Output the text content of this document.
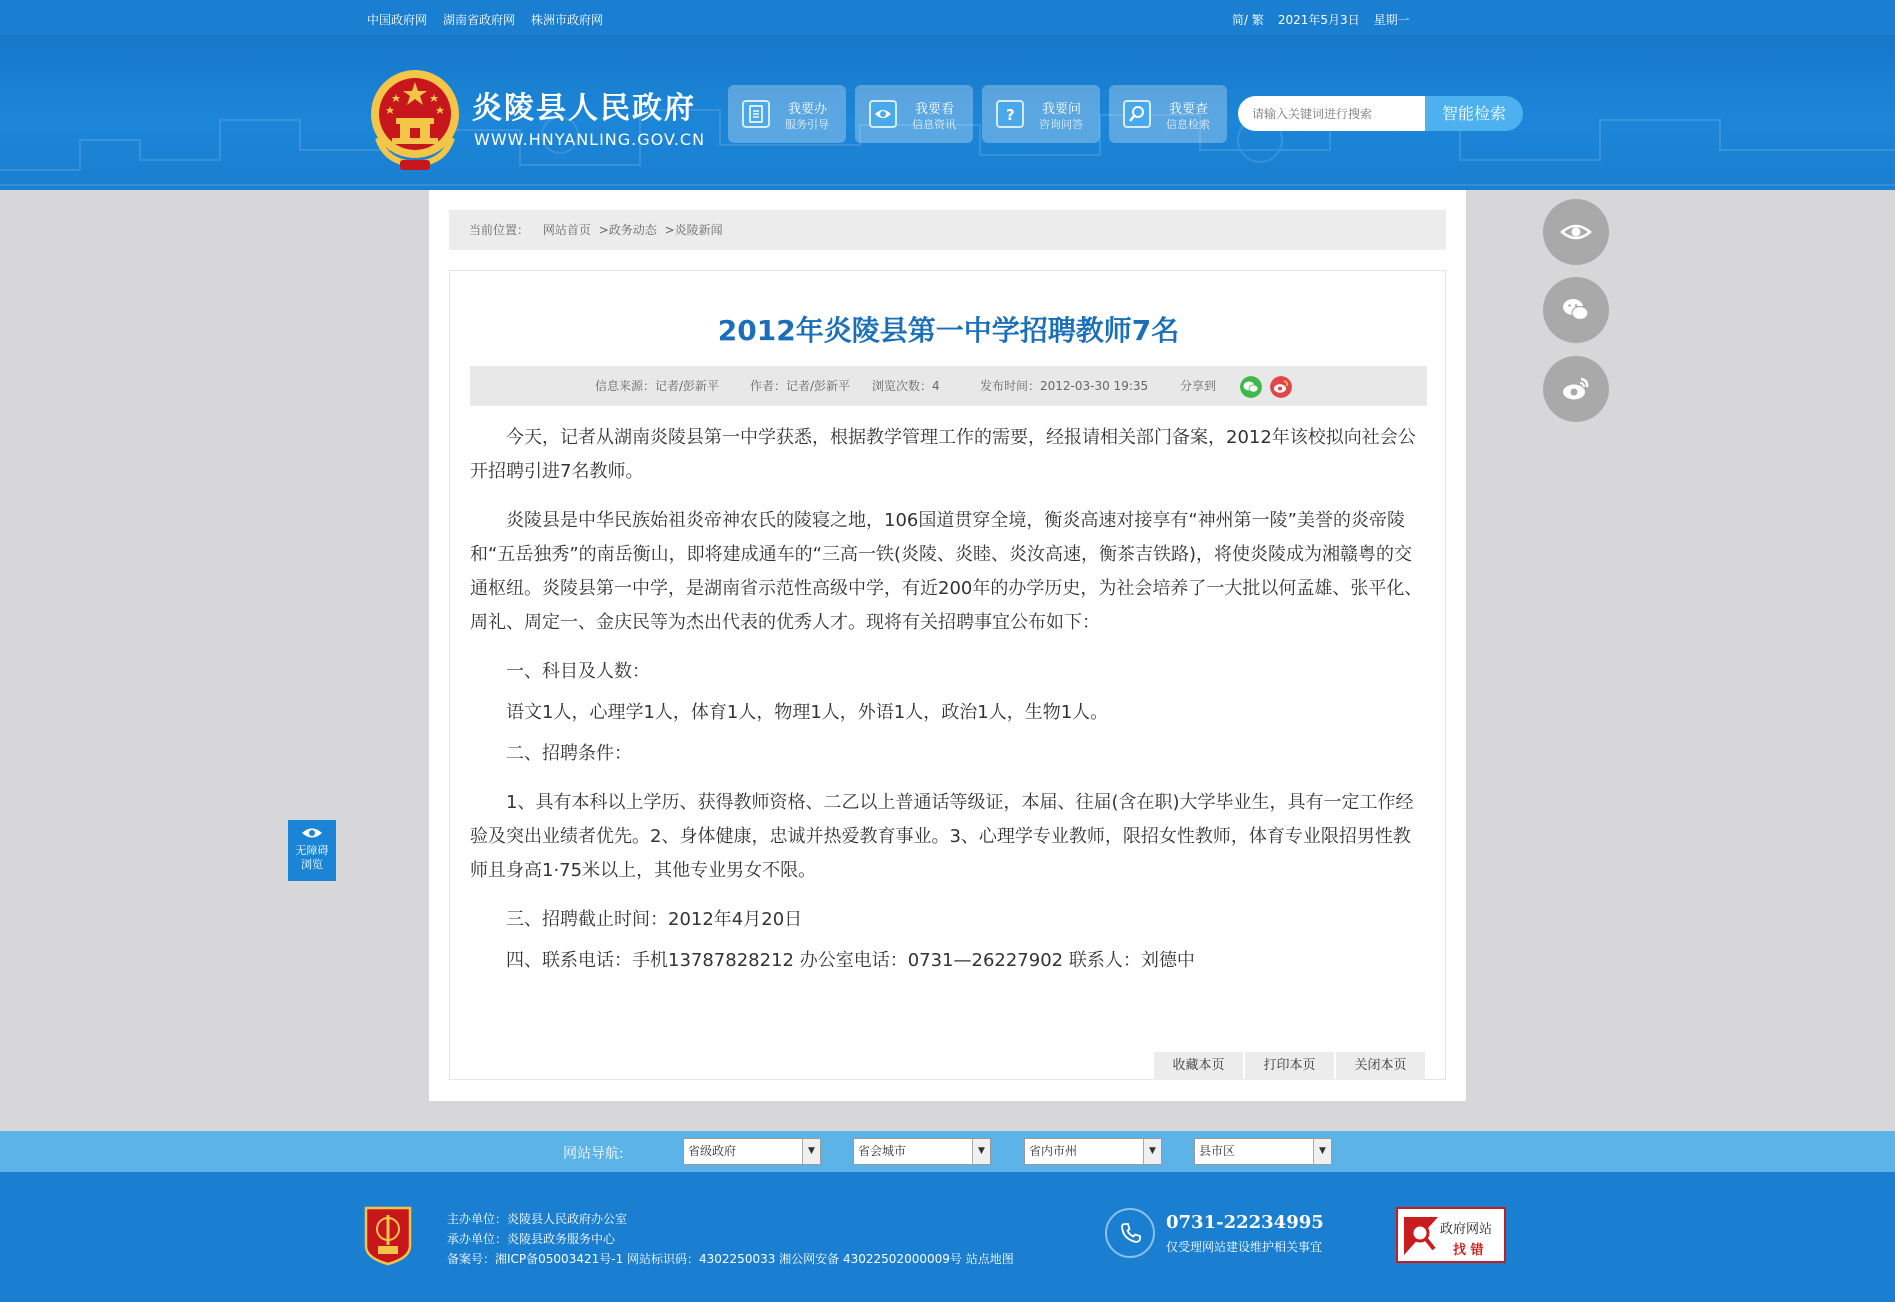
中国政府网 湖南省政府网 株洲市政府网	简/ 繁 2021年5月3日 星期一
炎陵县人民政府
WWW.HNYANLING.GOV.CN
我要办
服务引导
我要看
信息资讯
? 我要问
咨询问答
我要查
信息检索
请输入关键词进行搜索
智能检索
当前位置： 网站首页 >政务动态 >炎陵新闻
2012年炎陵县第一中学招聘教师7名
信息来源：记者/彭新平	作者：记者/彭新平 浏览次数：4	发布时间：2012-03-30 19:35	分享到

今天，记者从湖南炎陵县第一中学获悉，根据教学管理工作的需要，经报请相关部门备案，2012年该校拟向社会公开招聘引进7名教师。

炎陵县是中华民族始祖炎帝神农氏的陵寝之地，106国道贯穿全境，衡炎高速对接享有“神州第一陵”美誉的炎帝陵和“五岳独秀”的南岳衡山，即将建成通车的“三高一铁(炎陵、炎睦、炎汝高速，衡茶吉铁路)，将使炎陵成为湘赣粤的交通枢纽。炎陵县第一中学，是湖南省示范性高级中学，有近200年的办学历史，为社会培养了一大批以何孟雄、张平化、周礼、周定一、金庆民等为杰出代表的优秀人才。现将有关招聘事宜公布如下：

一、科目及人数：

语文1人，心理学1人，体育1人，物理1人，外语1人，政治1人，生物1人。

二、招聘条件：

1、具有本科以上学历、获得教师资格、二乙以上普通话等级证，本届、往届(含在职)大学毕业生，具有一定工作经验及突出业绩者优先。2、身体健康，忠诚并热爱教育事业。3、心理学专业教师，限招女性教师，体育专业限招男性教师且身高1·75米以上，其他专业男女不限。

三、招聘截止时间：2012年4月20日

四、联系电话：手机13787828212 办公室电话：0731—26227902 联系人：刘德中

收藏本页	打印本页	关闭本页
无障碍
浏览
网站导航:	省级政府	▼	省会城市	▼	省内市州	▼	县市区	▼
主办单位：炎陵县人民政府办公室
承办单位：炎陵县政务服务中心
备案号：湘ICP备05003421号-1 网站标识码：4302250033 湘公网安备 43022502000009号 站点地图
0731-22234995
仅受理网站建设维护相关事宜
政府网站
找 错
